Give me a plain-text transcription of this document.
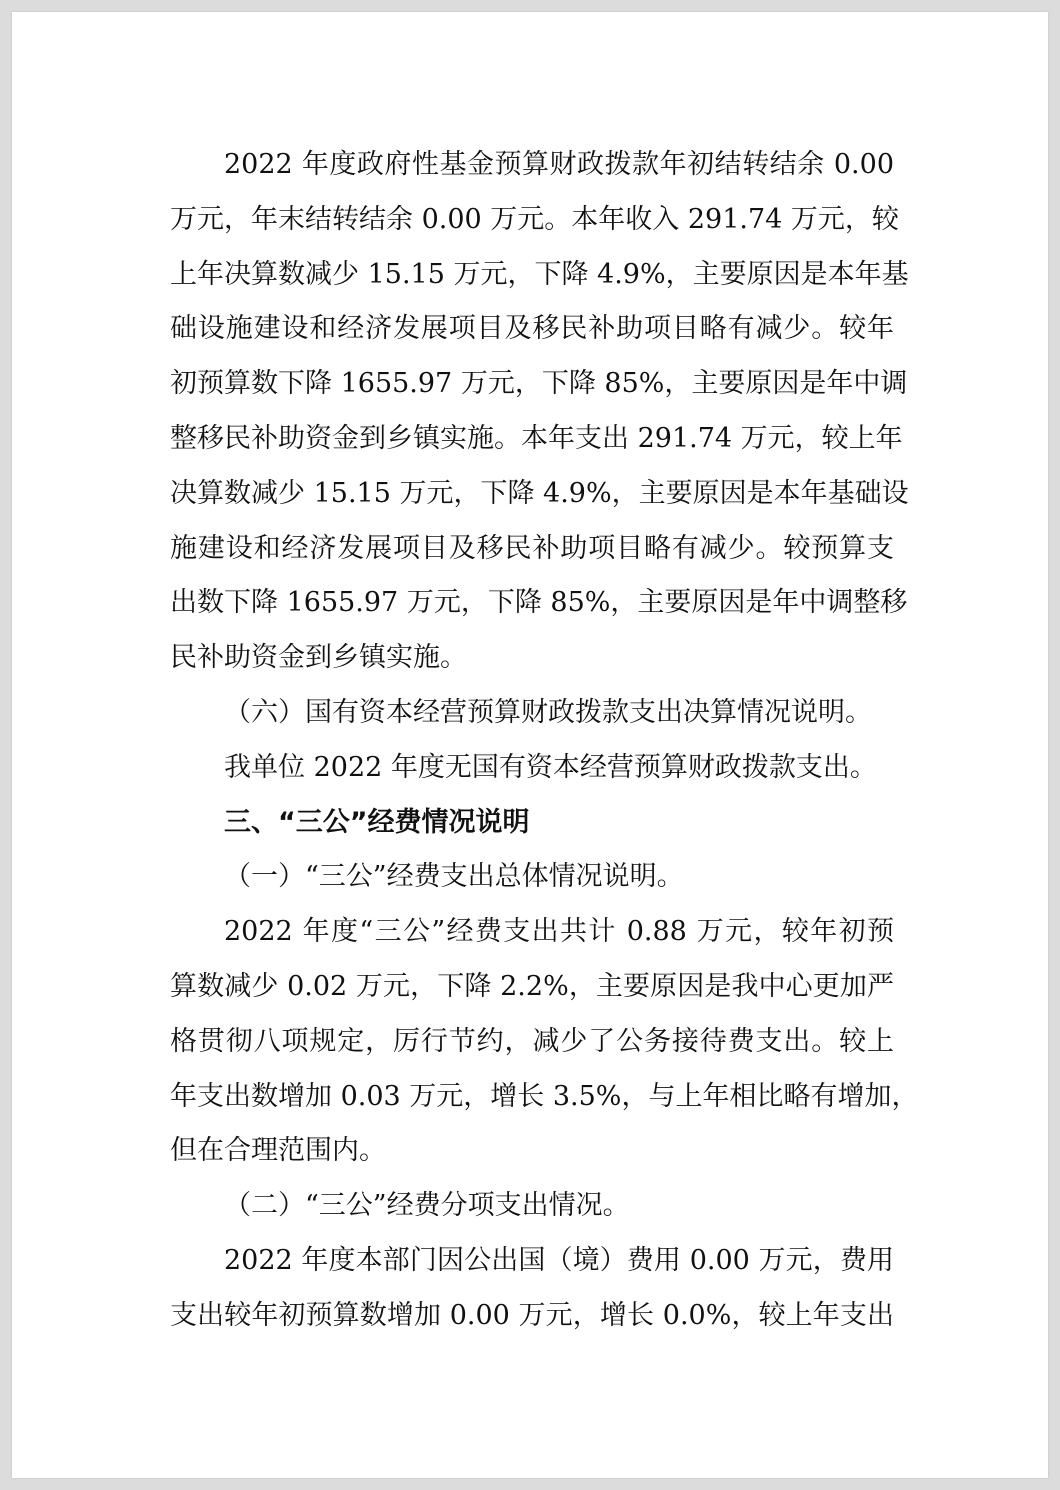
2022 年度政府性基金预算财政拨款年初结转结余 0.00
万元，年末结转结余 0.00 万元。本年收入 291.74 万元，较
上年决算数减少 15.15 万元，下降 4.9%，主要原因是本年基
础设施建设和经济发展项目及移民补助项目略有减少。较年
初预算数下降 1655.97 万元，下降 85%，主要原因是年中调
整移民补助资金到乡镇实施。本年支出 291.74 万元，较上年
决算数减少 15.15 万元，下降 4.9%，主要原因是本年基础设
施建设和经济发展项目及移民补助项目略有减少。较预算支
出数下降 1655.97 万元，下降 85%，主要原因是年中调整移
民补助资金到乡镇实施。
（六）国有资本经营预算财政拨款支出决算情况说明。
我单位 2022 年度无国有资本经营预算财政拨款支出。
三、“三公”经费情况说明
（一）“三公”经费支出总体情况说明。
2022 年度“三公”经费支出共计 0.88 万元，较年初预
算数减少 0.02 万元，下降 2.2%，主要原因是我中心更加严
格贯彻八项规定，厉行节约，减少了公务接待费支出。较上
年支出数增加 0.03 万元，增长 3.5%，与上年相比略有增加，
但在合理范围内。
（二）“三公”经费分项支出情况。
2022 年度本部门因公出国（境）费用 0.00 万元，费用
支出较年初预算数增加 0.00 万元，增长 0.0%，较上年支出
